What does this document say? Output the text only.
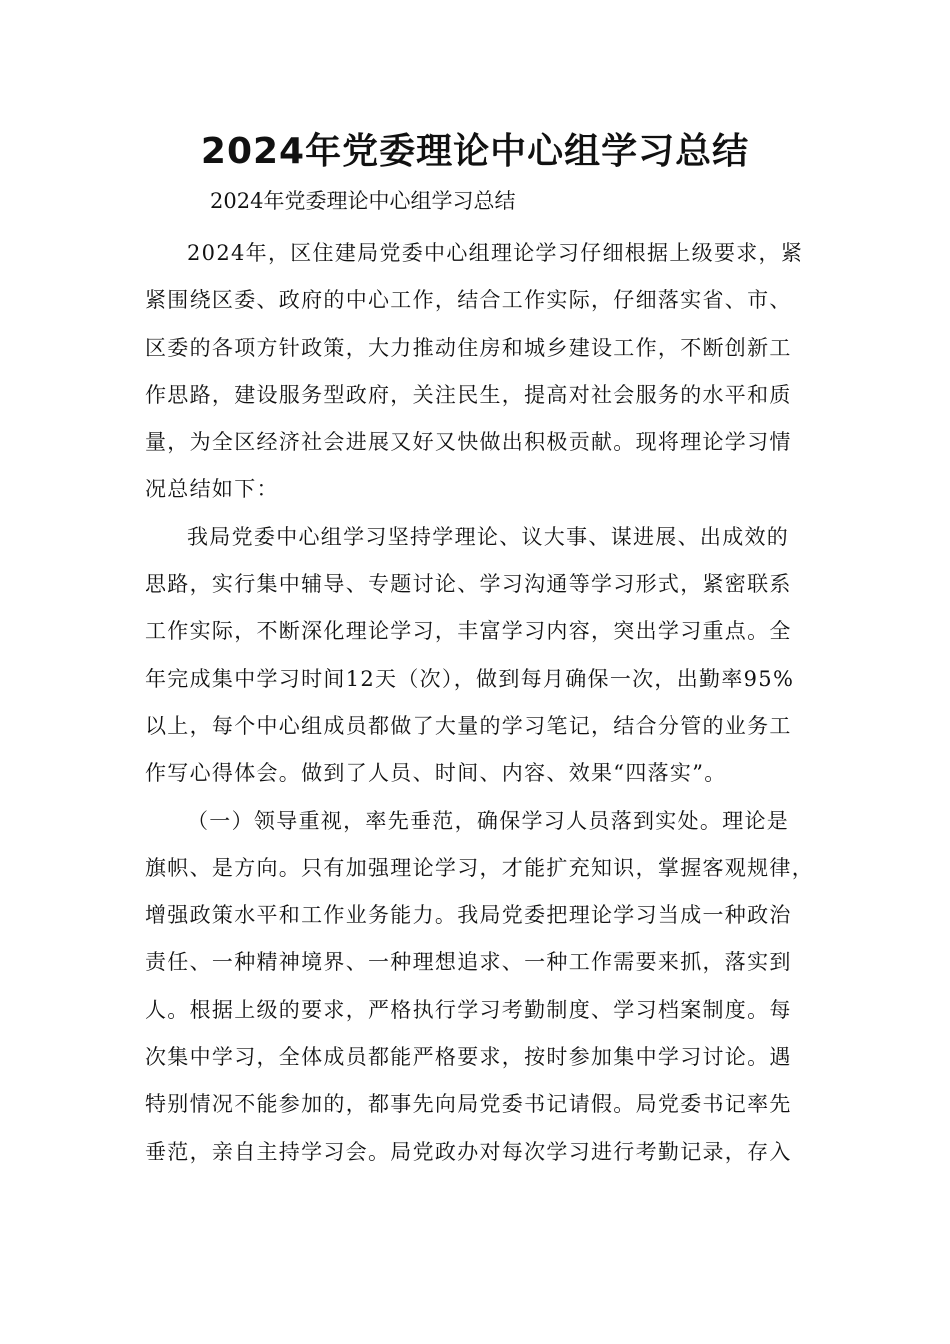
2024年党委理论中心组学习总结

2024年党委理论中心组学习总结

2024年，区住建局党委中心组理论学习仔细根据上级要求，紧
紧围绕区委、政府的中心工作，结合工作实际，仔细落实省、市、
区委的各项方针政策，大力推动住房和城乡建设工作，不断创新工
作思路，建设服务型政府，关注民生，提高对社会服务的水平和质
量，为全区经济社会进展又好又快做出积极贡献。现将理论学习情
况总结如下：

我局党委中心组学习坚持学理论、议大事、谋进展、出成效的
思路，实行集中辅导、专题讨论、学习沟通等学习形式，紧密联系
工作实际，不断深化理论学习，丰富学习内容，突出学习重点。全
年完成集中学习时间12天（次），做到每月确保一次，出勤率95%
以上，每个中心组成员都做了大量的学习笔记，结合分管的业务工
作写心得体会。做到了人员、时间、内容、效果“四落实”。

（一）领导重视，率先垂范，确保学习人员落到实处。理论是
旗帜、是方向。只有加强理论学习，才能扩充知识，掌握客观规律，
增强政策水平和工作业务能力。我局党委把理论学习当成一种政治
责任、一种精神境界、一种理想追求、一种工作需要来抓，落实到
人。根据上级的要求，严格执行学习考勤制度、学习档案制度。每
次集中学习，全体成员都能严格要求，按时参加集中学习讨论。遇
特别情况不能参加的，都事先向局党委书记请假。局党委书记率先
垂范，亲自主持学习会。局党政办对每次学习进行考勤记录，存入
